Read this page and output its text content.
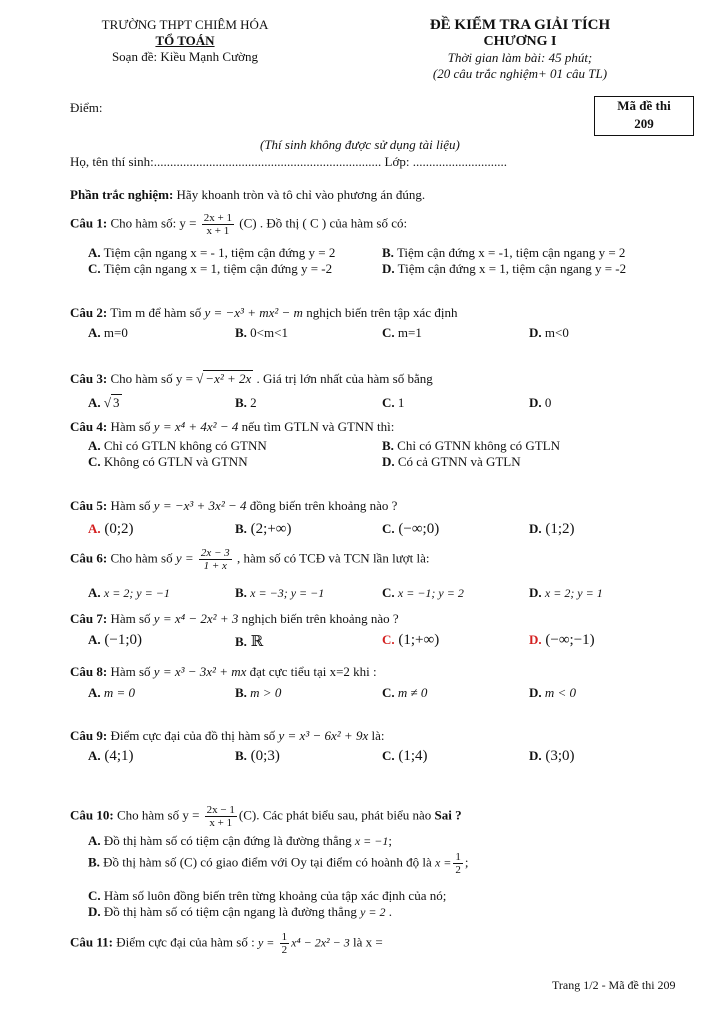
TRƯỜNG THPT CHIÊM HÓA
TỔ TOÁN
Soạn đề: Kiều Mạnh Cường
ĐỀ KIỂM TRA GIẢI TÍCH
CHƯƠNG I
Thời gian làm bài: 45 phút;
(20 câu trắc nghiệm+ 01 câu TL)
Điểm:	Mã đề thi
209
(Thí sinh không được sử dụng tài liệu)
Họ, tên thí sinh:...................................................................... Lớp: .............................
Phần trắc nghiệm: Hãy khoanh tròn và tô chỉ vào phương án đúng.
Câu 1: Cho hàm số: $y = \frac{2x + 1}{x + 1} (C)$ . Đồ thị ( C ) của hàm số có:
A. Tiệm cận ngang x = - 1, tiệm cận đứng y = 2	B. Tiệm cận đứng x = -1, tiệm cận ngang y = 2
C. Tiệm cận ngang x = 1, tiệm cận đứng y = -2	D. Tiệm cận đứng x = 1, tiệm cận ngang y = -2
Câu 2: Tìm m để hàm số y = −x³ + mx² − m nghịch biến trên tập xác định
A. m=0	B. 0<m<1	C. m=1	D. m<0
Câu 3: Cho hàm số y = √ −x² + 2x . Giá trị lớn nhất của hàm số bằng
A. √ 3	B. 2	C. 1	D. 0
Câu 4: Hàm số y = x⁴ + 4x² − 4 nếu tìm GTLN và GTNN thì:
A. Chỉ có GTLN không có GTNN	B. Chỉ có GTNN không có GTLN
C. Không có GTLN và GTNN	D. Có cả GTNN và GTLN
Câu 5: Hàm số y = −x³ + 3x² − 4 đồng biến trên khoảng nào ?
A. (0;2)	B. (2;+∞)	C. (−∞;0)	D. (1;2)
Câu 6: Cho hàm số $y = \frac{2x - 3}{1 + x}$ , hàm số có TCĐ và TCN lần lượt là:
A. x = 2; y = −1	B. x = −3; y = −1	C. x = −1; y = 2	D. x = 2; y = 1
Câu 7: Hàm số y = x⁴ − 2x² + 3 nghịch biến trên khoảng nào ?
A. (−1;0)	B. ℝ	C. (1;+∞)	D. (−∞;−1)
Câu 8: Hàm số y = x³ − 3x² + mx đạt cực tiểu tại x=2 khi :
A. m = 0	B. m > 0	C. m ≠ 0	D. m < 0
Câu 9: Điểm cực đại của đồ thị hàm số y = x³ − 6x² + 9x là:
A. (4;1)	B. (0;3)	C. (1;4)	D. (3;0)
Câu 10: Cho hàm số $y = \frac{2x - 1}{x + 1} (C)$. Các phát biểu sau, phát biểu nào Sai ?
A. Đồ thị hàm số có tiệm cận đứng là đường thẳng x = −1;
B. Đồ thị hàm số (C) có giao điểm với Oy tại điểm có hoành độ là $x = \frac{1}{2}$ ;
C. Hàm số luôn đồng biến trên từng khoảng của tập xác định của nó;
D. Đồ thị hàm số có tiệm cận ngang là đường thẳng y = 2 .
Câu 11: Điểm cực đại của hàm số : $y = \frac{1}{2} x^4 - 2x^2 - 3$ là x =
Trang 1/2 - Mã đề thi 209
